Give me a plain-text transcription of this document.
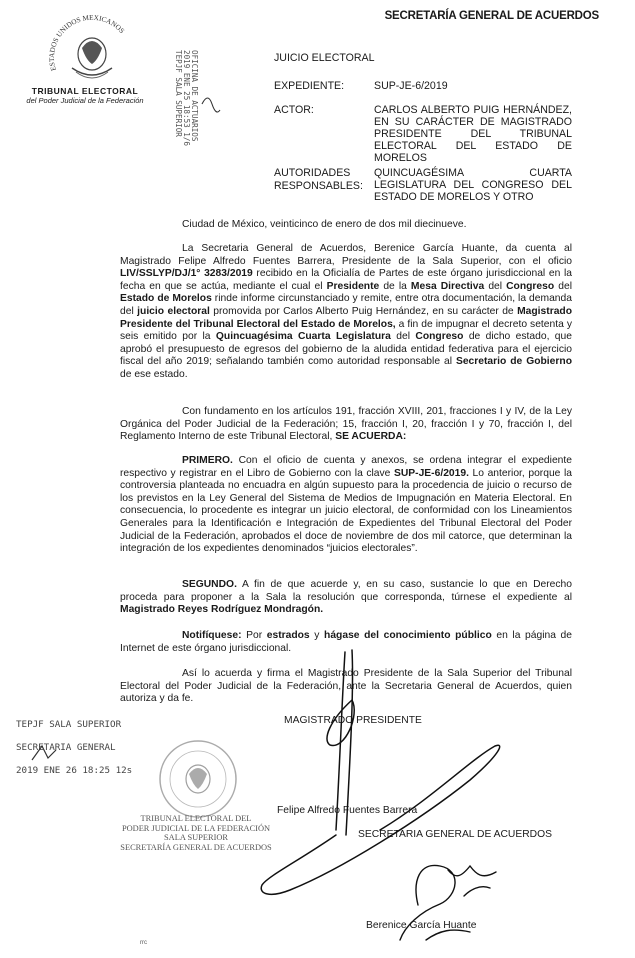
SECRETARÍA GENERAL DE ACUERDOS
ESTADOS UNIDOS MEXICANOS
TRIBUNAL ELECTORAL
del Poder Judicial de la Federación	TEPJF SALA SUPERIOR 2019 ENE 25 18:53 1/6 OFICINA DE ACTUARIOS	JUICIO ELECTORAL
EXPEDIENTE:	SUP-JE-6/2019
ACTOR:	CARLOS ALBERTO PUIG HERNÁNDEZ, EN SU CARÁCTER DE MAGISTRADO PRESIDENTE DEL TRIBUNAL ELECTORAL DEL ESTADO DE MORELOS
AUTORIDADES
RESPONSABLES:
QUINCUAGÉSIMA CUARTA LEGISLATURA DEL CONGRESO DEL ESTADO DE MORELOS Y OTRO

Ciudad de México, veinticinco de enero de dos mil diecinueve.

La Secretaria General de Acuerdos, Berenice García Huante, da cuenta al Magistrado Felipe Alfredo Fuentes Barrera, Presidente de la Sala Superior, con el oficio LIV/SSLYP/DJ/1° 3283/2019 recibido en la Oficialía de Partes de este órgano jurisdiccional en la fecha en que se actúa, mediante el cual el Presidente de la Mesa Directiva del Congreso del Estado de Morelos rinde informe circunstanciado y remite, entre otra documentación, la demanda del juicio electoral promovida por Carlos Alberto Puig Hernández, en su carácter de Magistrado Presidente del Tribunal Electoral del Estado de Morelos, a fin de impugnar el decreto setenta y seis emitido por la Quincuagésima Cuarta Legislatura del Congreso de dicho estado, que aprobó el presupuesto de egresos del gobierno de la aludida entidad federativa para el ejercicio fiscal del año 2019; señalando también como autoridad responsable al Secretario de Gobierno de ese estado.

Con fundamento en los artículos 191, fracción XVIII, 201, fracciones I y IV, de la Ley Orgánica del Poder Judicial de la Federación; 15, fracción I, 20, fracción I y 70, fracción I, del Reglamento Interno de este Tribunal Electoral, SE ACUERDA:

PRIMERO. Con el oficio de cuenta y anexos, se ordena integrar el expediente respectivo y registrar en el Libro de Gobierno con la clave SUP-JE-6/2019. Lo anterior, porque la controversia planteada no encuadra en algún supuesto para la procedencia de juicio o recurso de los previstos en la Ley General del Sistema de Medios de Impugnación en Materia Electoral. En consecuencia, lo procedente es integrar un juicio electoral, de conformidad con los Lineamientos Generales para la Identificación e Integración de Expedientes del Tribunal Electoral del Poder Judicial de la Federación, aprobados el doce de noviembre de dos mil catorce, que determinan la integración de los expedientes denominados “juicios electorales”.

SEGUNDO. A fin de que acuerde y, en su caso, sustancie lo que en Derecho proceda para proponer a la Sala la resolución que corresponda, túrnese el expediente al Magistrado Reyes Rodríguez Mondragón.

Notifíquese: Por estrados y hágase del conocimiento público en la página de Internet de este órgano jurisdiccional.

Así lo acuerda y firma el Magistrado Presidente de la Sala Superior del Tribunal Electoral del Poder Judicial de la Federación, ante la Secretaria General de Acuerdos, quien autoriza y da fe.

MAGISTRADO PRESIDENTE
Felipe Alfredo Fuentes Barrera
SECRETARIA GENERAL DE ACUERDOS
Berenice García Huante
TEPJF SALA SUPERIOR
SECRETARIA GENERAL
2019 ENE 26 18:25 12s
TRIBUNAL ELECTORAL DEL
PODER JUDICIAL DE LA FEDERACIÓN
SALA SUPERIOR
SECRETARÍA GENERAL DE ACUERDOS
rrc
